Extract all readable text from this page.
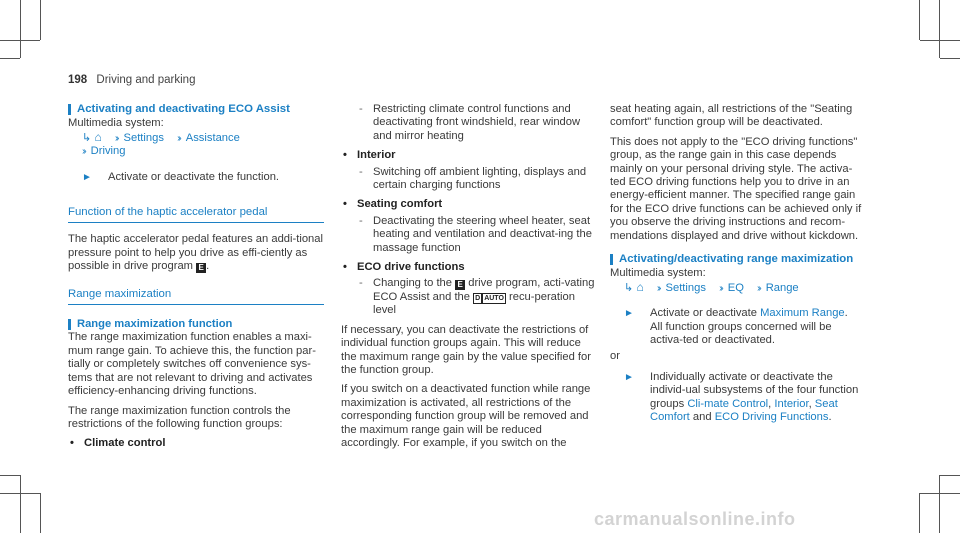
198 Driving and parking
Activating and deactivating ECO Assist
Multimedia system:
↳ ⌂ ›› Settings ›› Assistance
›› Driving
►	Activate or deactivate the function.
Function of the haptic accelerator pedal

The haptic accelerator pedal features an addi-tional pressure point to help you drive as effi-ciently as possible in drive program E .

Range maximization
Range maximization function

The range maximization function enables a maxi-mum range gain. To achieve this, the function par-tially or completely switches off convenience sys-tems that are not relevant to driving and activates efficiency-enhancing driving functions.

The range maximization function controls the restrictions of the following function groups:

• Climate control
- Restricting climate control functions and deactivating front windshield, rear window and mirror heating
• Interior
- Switching off ambient lighting, displays and certain charging functions
• Seating comfort
- Deactivating the steering wheel heater, seat heating and ventilation and deactivat-ing the massage function
• ECO drive functions
- Changing to the E drive program, acti-vating ECO Assist and the D AUTO recu-peration level

If necessary, you can deactivate the restrictions of individual function groups again. This will reduce the maximum range gain by the value specified for the function group.

If you switch on a deactivated function while range maximization is activated, all restrictions of the corresponding function group will be removed and the maximum range gain will be reduced accordingly. For example, if you switch on the

seat heating again, all restrictions of the "Seating comfort" function group will be deactivated.

This does not apply to the "ECO driving functions" group, as the range gain in this case depends mainly on your personal driving style. The activa-ted ECO driving functions help you to drive in an energy-efficient manner. The specified range gain for the ECO drive functions can be achieved only if you observe the driving instructions and recom-mendations displayed and drive without kickdown.

Activating/deactivating range maximization
Multimedia system:
↳ ⌂ ›› Settings ›› EQ ›› Range
►	Activate or deactivate Maximum Range.
All function groups concerned will be activa-ted or deactivated.
or
►	Individually activate or deactivate the individ-ual subsystems of the four function groups Cli-mate Control, Interior, Seat Comfort and ECO Driving Functions.
carmanualsonline.info
